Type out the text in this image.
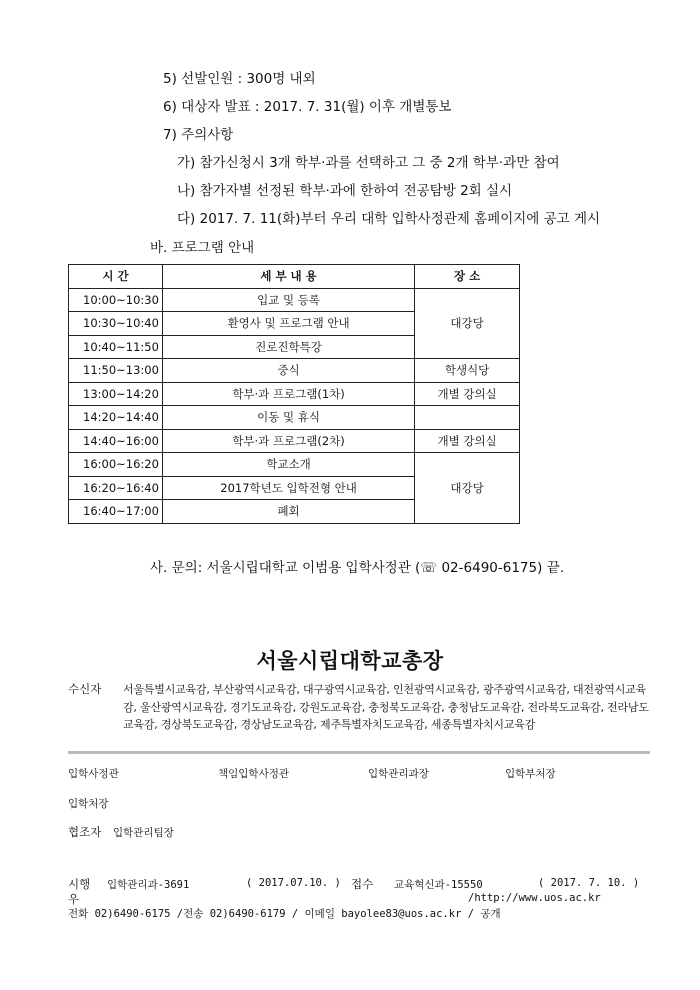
5) 선발인원 : 300명 내외
6) 대상자 발표 : 2017. 7. 31(월) 이후 개별통보
7) 주의사항
가) 참가신청시 3개 학부·과를 선택하고 그 중 2개 학부·과만 참여
나) 참가자별 선정된 학부·과에 한하여 전공탐방 2회 실시
다) 2017. 7. 11(화)부터 우리 대학 입학사정관제 홈페이지에 공고 게시
바. 프로그램 안내
시 간	세 부 내 용	장 소
10:00~10:30	입교 및 등록	대강당
10:30~10:40	환영사 및 프로그램 안내	
10:40~11:50	진로진학특강	
11:50~13:00	중식	학생식당
13:00~14:20	학부·과 프로그램(1차)	개별 강의실
14:20~14:40	이동 및 휴식	
14:40~16:00	학부·과 프로그램(2차)	개별 강의실
16:00~16:20	학교소개	대강당
16:20~16:40	2017학년도 입학전형 안내	
16:40~17:00	폐회	
사. 문의: 서울시립대학교 이범용 입학사정관 (☏ 02-6490-6175) 끝.
서울시립대학교총장
수신자 서울특별시교육감, 부산광역시교육감, 대구광역시교육감, 인천광역시교육감, 광주광역시교육감, 대전광역시교육감, 울산광역시교육감, 경기도교육감, 강원도교육감, 충청북도교육감, 충청남도교육감, 전라북도교육감, 전라남도교육감, 경상북도교육감, 경상남도교육감, 제주특별자치도교육감, 세종특별자치시교육감
입학사정관	책임입학사정관	입학관리과장	입학부처장
입학처장
협조자 입학관리팀장
시행 입학관리과-3691	( 2017.07.10. ) 접수 교육혁신과-15550	( 2017. 7. 10. )
우	/http://www.uos.ac.kr
전화 02)6490-6175 /전송 02)6490-6179 / 이메일 bayolee83@uos.ac.kr / 공개
